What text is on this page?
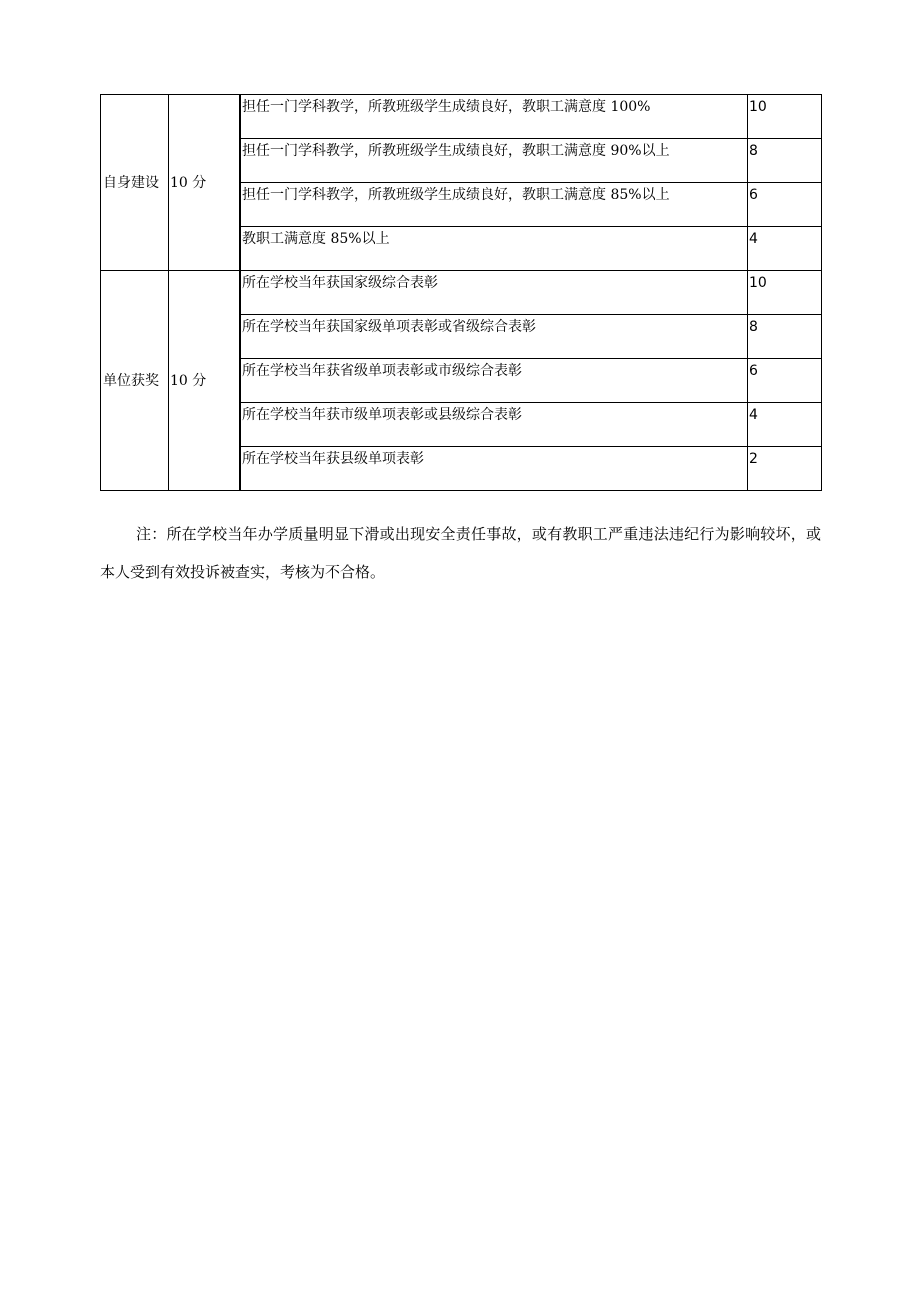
自身建设	10 分		担任一门学科教学，所教班级学生成绩良好，教职工满意度 100%	10
		担任一门学科教学，所教班级学生成绩良好，教职工满意度 90%以上	8
		担任一门学科教学，所教班级学生成绩良好，教职工满意度 85%以上	6
		教职工满意度 85%以上	4
单位获奖	10 分		所在学校当年获国家级综合表彰	10
		所在学校当年获国家级单项表彰或省级综合表彰	8
		所在学校当年获省级单项表彰或市级综合表彰	6
		所在学校当年获市级单项表彰或县级综合表彰	4
		所在学校当年获县级单项表彰	2

注：所在学校当年办学质量明显下滑或出现安全责任事故，或有教职工严重违法违纪行为影响较坏，或本人受到有效投诉被查实，考核为不合格。
